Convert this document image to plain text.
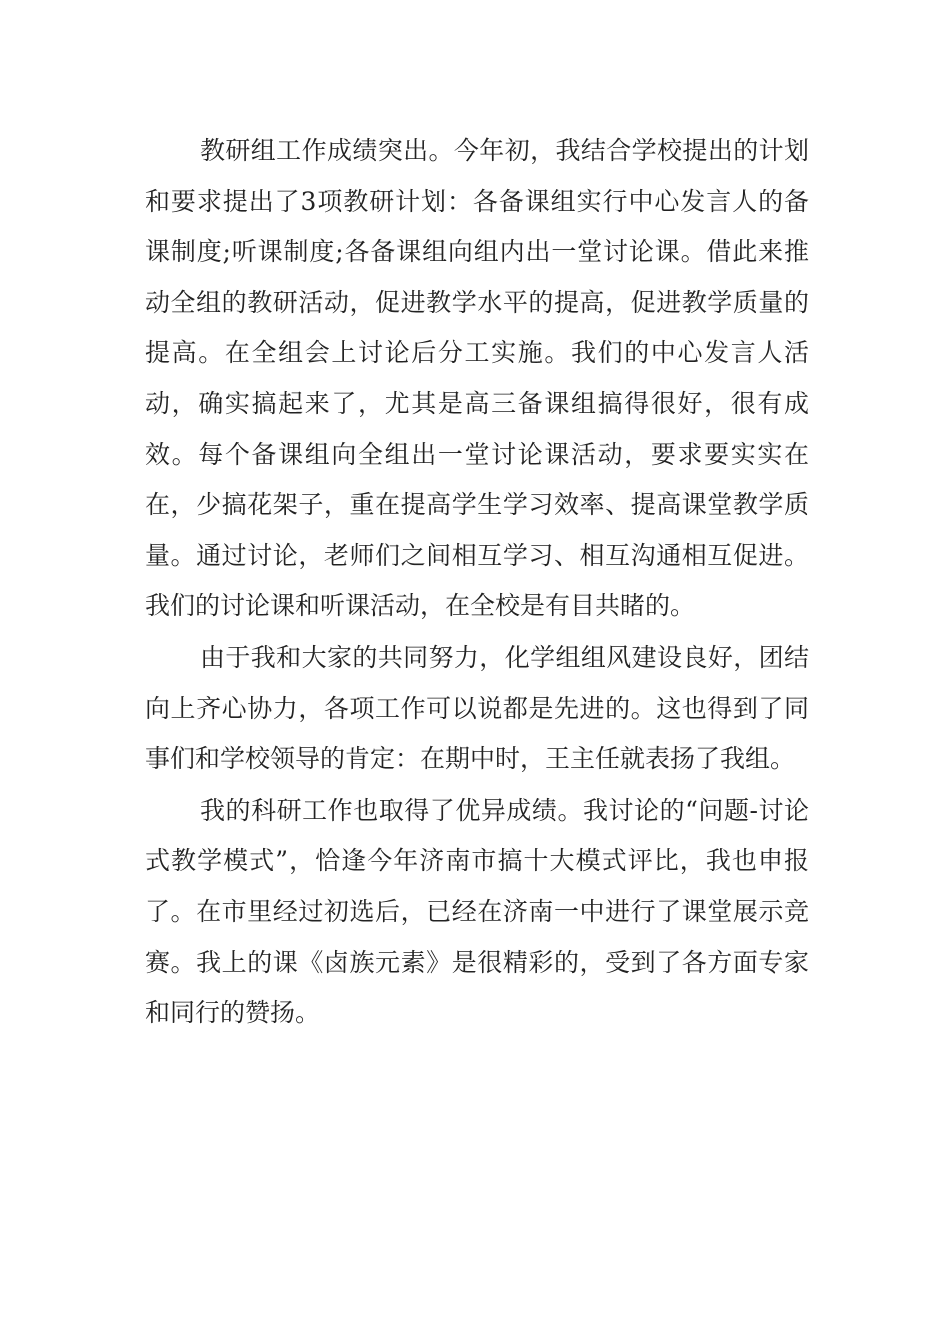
教研组工作成绩突出。今年初，我结合学校提出的计划和要求提出了3项教研计划：各备课组实行中心发言人的备课制度;听课制度;各备课组向组内出一堂讨论课。借此来推动全组的教研活动，促进教学水平的提高，促进教学质量的提高。在全组会上讨论后分工实施。我们的中心发言人活动，确实搞起来了，尤其是高三备课组搞得很好，很有成效。每个备课组向全组出一堂讨论课活动，要求要实实在在，少搞花架子，重在提高学生学习效率、提高课堂教学质量。通过讨论，老师们之间相互学习、相互沟通相互促进。我们的讨论课和听课活动，在全校是有目共睹的。

由于我和大家的共同努力，化学组组风建设良好，团结向上齐心协力，各项工作可以说都是先进的。这也得到了同事们和学校领导的肯定：在期中时，王主任就表扬了我组。

我的科研工作也取得了优异成绩。我讨论的“问题-讨论式教学模式”，恰逢今年济南市搞十大模式评比，我也申报了。在市里经过初选后，已经在济南一中进行了课堂展示竞赛。我上的课《卤族元素》是很精彩的，受到了各方面专家和同行的赞扬。
